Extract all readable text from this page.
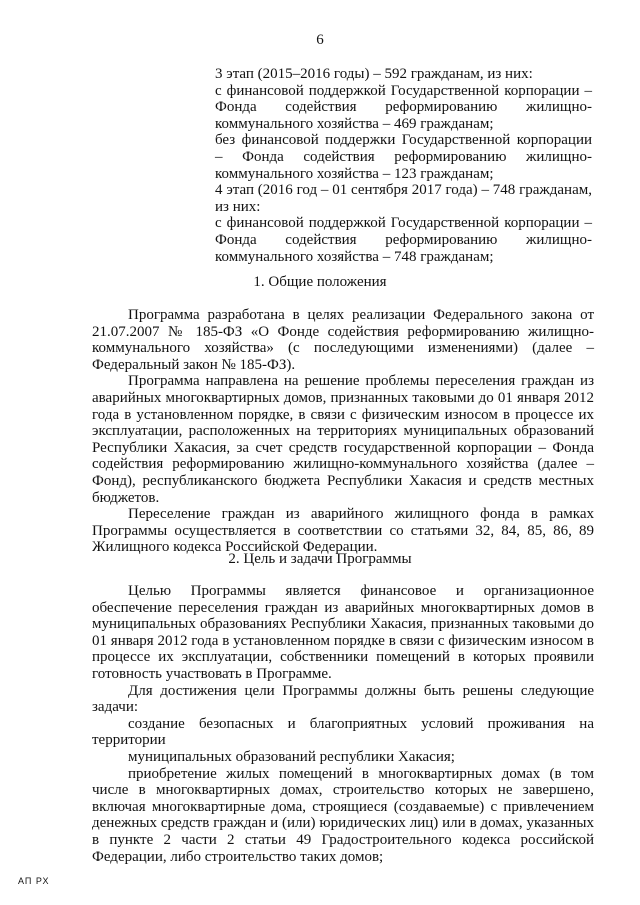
6

3 этап (2015–2016 годы) – 592 гражданам, из них:

с финансовой поддержкой Государственной корпорации – Фонда содействия реформированию жилищно-коммунального хозяйства – 469 гражданам;

без финансовой поддержки Государственной корпорации – Фонда содействия реформированию жилищно-коммунального хозяйства – 123 гражданам;

4 этап (2016 год – 01 сентября 2017 года) – 748 гражданам, из них:

с финансовой поддержкой Государственной корпорации – Фонда содействия реформированию жилищно-коммунального хозяйства – 748 гражданам;

1. Общие положения

Программа разработана в целях реализации Федерального закона от 21.07.2007 № 185-ФЗ «О Фонде содействия реформированию жилищно-коммунального хозяйства» (с последующими изменениями) (далее – Федеральный закон № 185-ФЗ).

Программа направлена на решение проблемы переселения граждан из аварийных многоквартирных домов, признанных таковыми до 01 января 2012 года в установленном порядке, в связи с физическим износом в процессе их эксплуатации, расположенных на территориях муниципальных образований Республики Хакасия, за счет средств государственной корпорации – Фонда содействия реформированию жилищно-коммунального хозяйства (далее – Фонд), республиканского бюджета Республики Хакасия и средств местных бюджетов.

Переселение граждан из аварийного жилищного фонда в рамках Программы осуществляется в соответствии со статьями 32, 84, 85, 86, 89 Жилищного кодекса Российской Федерации.

2. Цель и задачи Программы

Целью Программы является финансовое и организационное обеспечение переселения граждан из аварийных многоквартирных домов в муниципальных образованиях Республики Хакасия, признанных таковыми до 01 января 2012 года в установленном порядке в связи с физическим износом в процессе их эксплуатации, собственники помещений в которых проявили готовность участвовать в Программе.

Для достижения цели Программы должны быть решены следующие задачи:

создание безопасных и благоприятных условий проживания на территории

муниципальных образований республики Хакасия;

приобретение жилых помещений в многоквартирных домах (в том числе в многоквартирных домах, строительство которых не завершено, включая многоквартирные дома, строящиеся (создаваемые) с привлечением денежных средств граждан и (или) юридических лиц) или в домах, указанных в пункте 2 части 2 статьи 49 Градостроительного кодекса российской Федерации, либо строительство таких домов;

АП РХ
